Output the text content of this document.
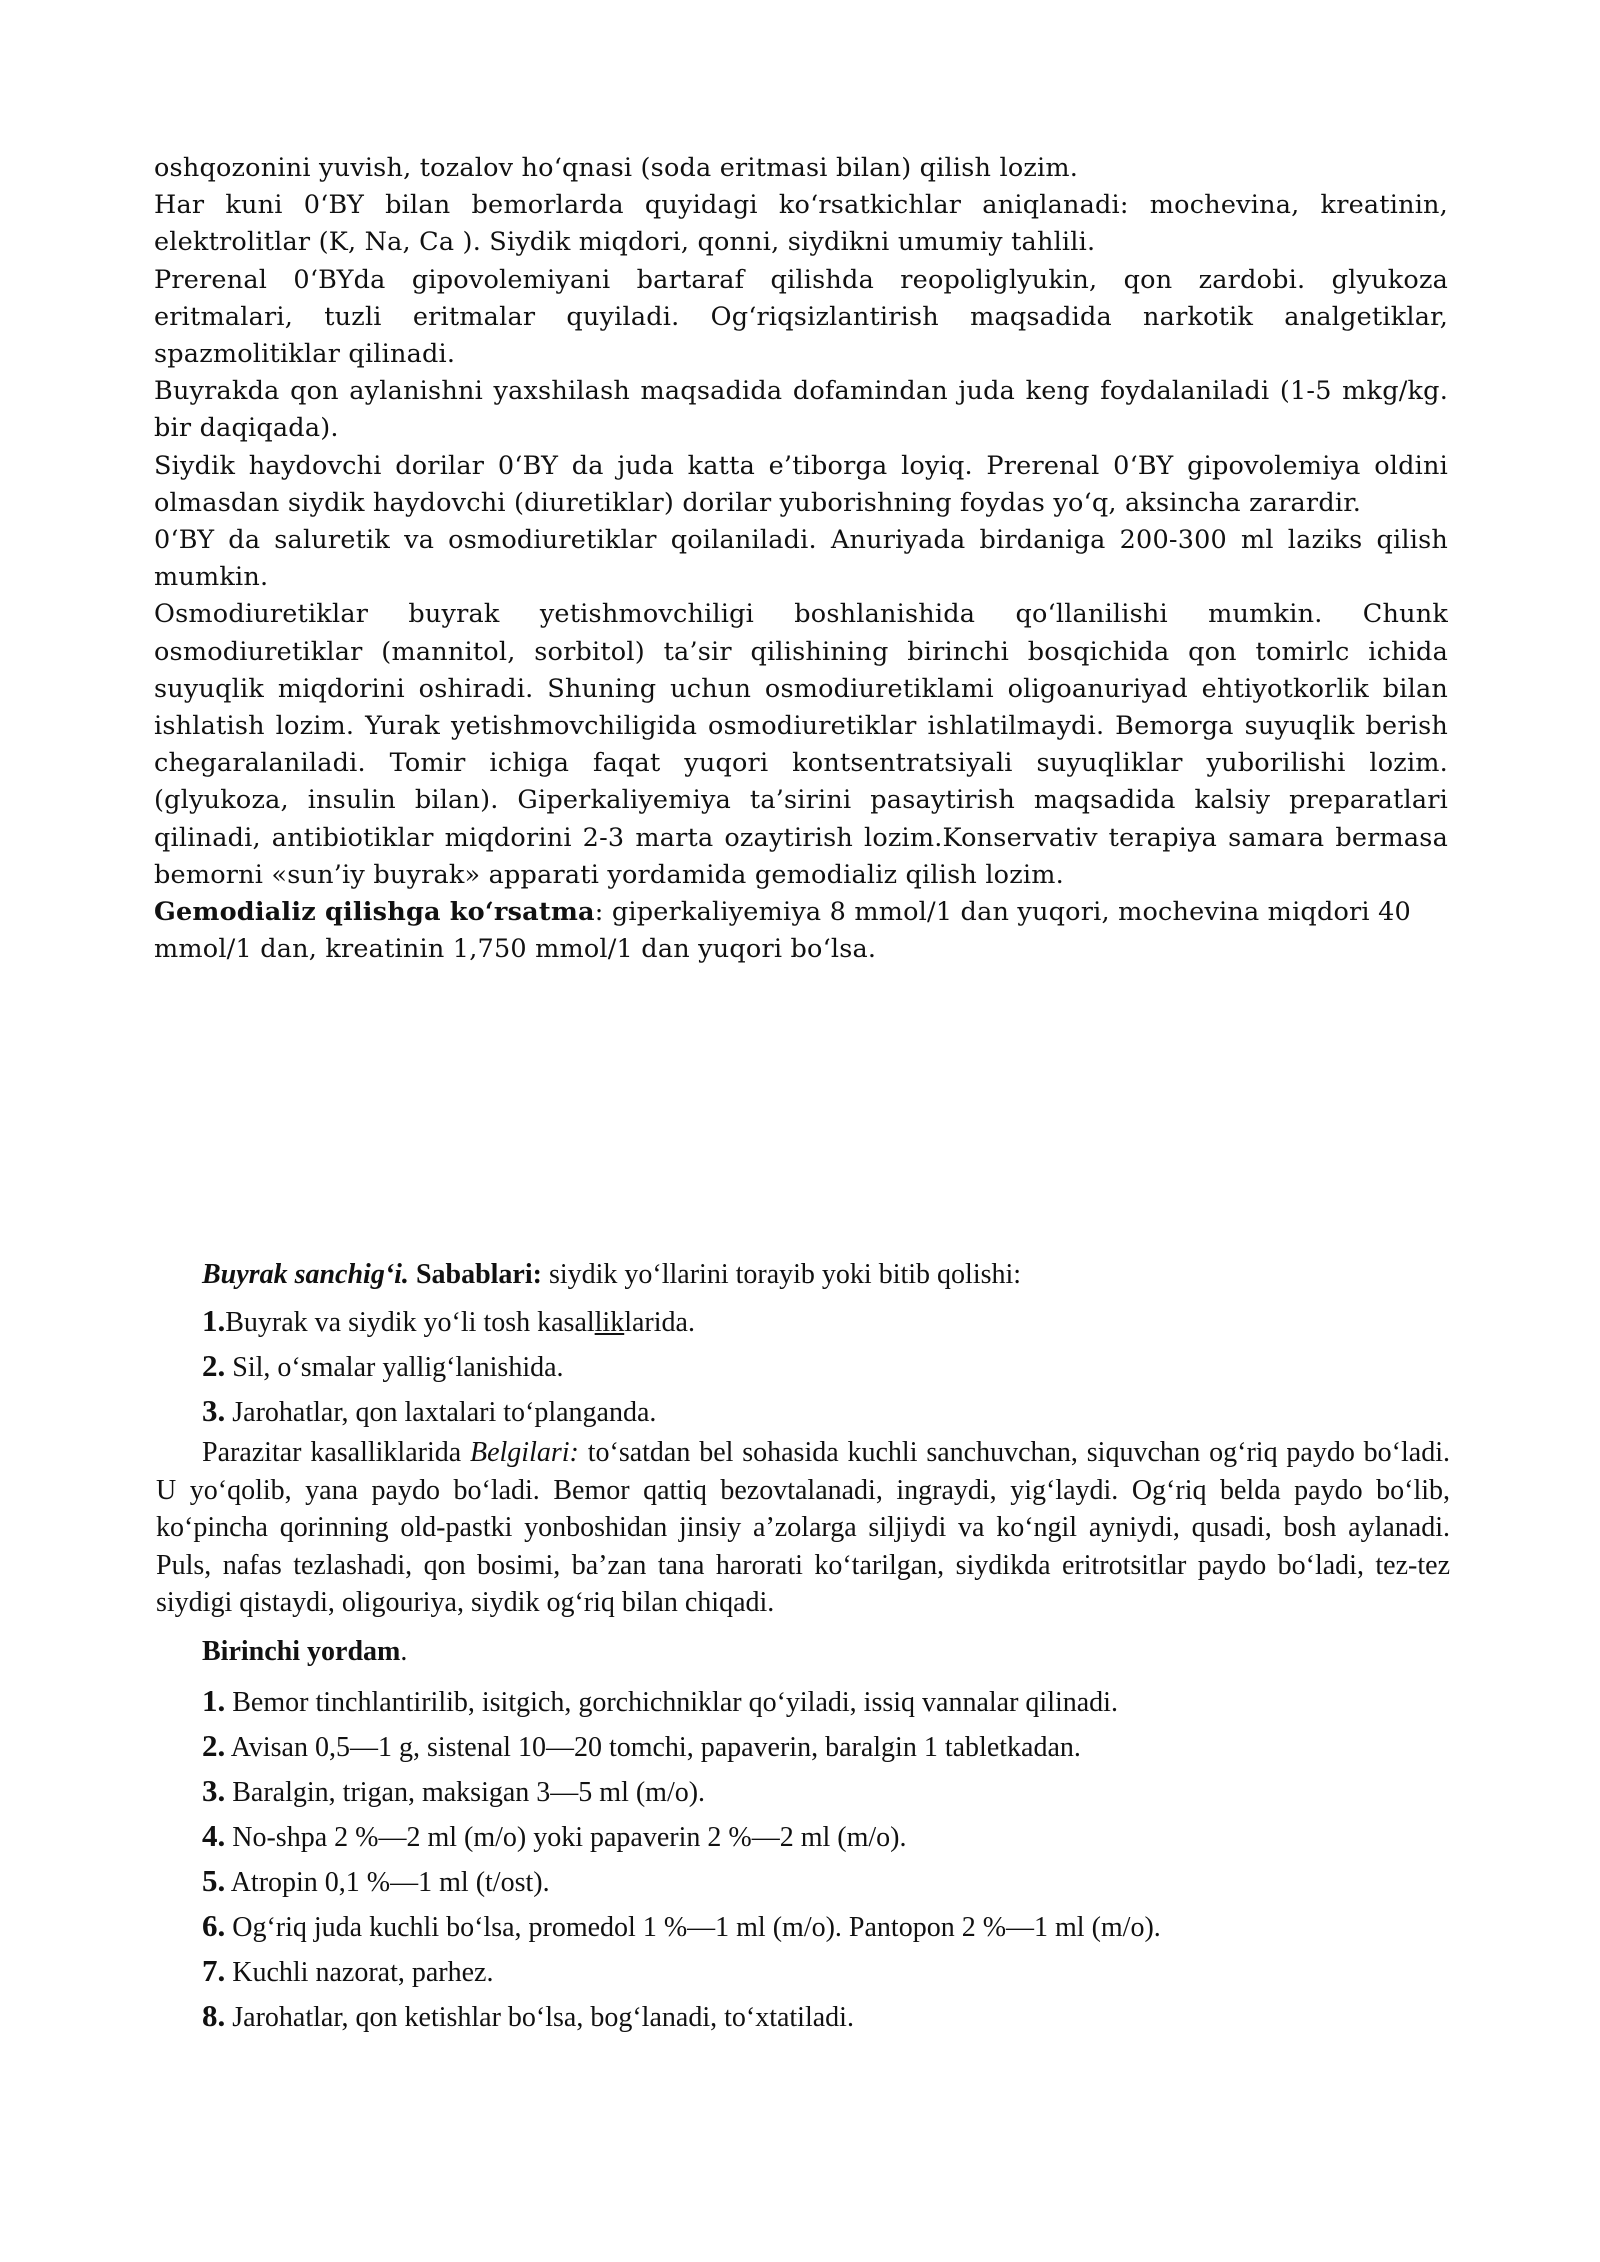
oshqozonini yuvish, tozalov ho‘qnasi (soda eritmasi bilan) qilish lozim.

Har kuni 0‘BY bilan bemorlarda quyidagi ko‘rsatkichlar aniqlanadi: mochevina, kreatinin, elektrolitlar (K, Na, Ca ). Siydik miqdori, qonni, siydikni umumiy tahlili.

Prerenal 0‘BYda gipovolemiyani bartaraf qilishda reopoliglyukin, qon zardobi. glyukoza eritmalari, tuzli eritmalar quyiladi. Og‘riqsizlantirish maqsadida narkotik analgetiklar, spazmolitiklar qilinadi.

Buyrakda qon aylanishni yaxshilash maqsadida dofamindan juda keng foydalaniladi (1-5 mkg/kg. bir daqiqada).

Siydik haydovchi dorilar 0‘BY da juda katta e’tiborga loyiq. Prerenal 0‘BY gipovolemiya oldini olmasdan siydik haydovchi (diuretiklar) dorilar yuborishning foydas yo‘q, aksincha zarardir.

0‘BY da saluretik va osmodiuretiklar qoilaniladi. Anuriyada birdaniga 200-300 ml laziks qilish mumkin.

Osmodiuretiklar buyrak yetishmovchiligi boshlanishida qo‘llanilishi mumkin. Chunk osmodiuretiklar (mannitol, sorbitol) ta’sir qilishining birinchi bosqichida qon tomirlc ichida suyuqlik miqdorini oshiradi. Shuning uchun osmodiuretiklami oligoanuriyad ehtiyotkorlik bilan ishlatish lozim. Yurak yetishmovchiligida osmodiuretiklar ishlatilmaydi. Bemorga suyuqlik berish chegaralaniladi. Tomir ichiga faqat yuqori kontsentratsiyali suyuqliklar yuborilishi lozim. (glyukoza, insulin bilan). Giperkaliyemiya ta’sirini pasaytirish maqsadida kalsiy preparatlari qilinadi, antibiotiklar miqdorini 2-3 marta ozaytirish lozim.Konservativ terapiya samara bermasa bemorni «sun’iy buyrak» apparati yordamida gemodializ qilish lozim.

Gemodializ qilishga ko‘rsatma: giperkaliyemiya 8 mmol/1 dan yuqori, mochevina miqdori 40 mmol/1 dan, kreatinin 1,750 mmol/1 dan yuqori bo‘lsa.

Buyrak sanchig‘i. Sabablari: siydik yo‘llarini torayib yoki bitib qolishi:

1.Buyrak va siydik yo‘li tosh kasalliklarida.

2. Sil, o‘smalar yallig‘lanishida.

3. Jarohatlar, qon laxtalari to‘planganda.

Parazitar kasalliklarida Belgilari: to‘satdan bel sohasida kuchli sanchuvchan, siquvchan og‘riq paydo bo‘ladi. U yo‘qolib, yana paydo bo‘ladi. Bemor qattiq bezovtalanadi, ingraydi, yig‘laydi. Og‘riq belda paydo bo‘lib, ko‘pincha qorinning old-pastki yonboshidan jinsiy a’zolarga siljiydi va ko‘ngil ayniydi, qusadi, bosh aylanadi. Puls, nafas tezlashadi, qon bosimi, ba’zan tana harorati ko‘tarilgan, siydikda eritrotsitlar paydo bo‘ladi, tez-tez siydigi qistaydi, oligouriya, siydik og‘riq bilan chiqadi.

Birinchi yordam.

1. Bemor tinchlantirilib, isitgich, gorchichniklar qo‘yiladi, issiq vannalar qilinadi.

2. Avisan 0,5—1 g, sistenal 10—20 tomchi, papaverin, baralgin 1 tabletkadan.

3. Baralgin, trigan, maksigan 3—5 ml (m/o).

4. No-shpa 2 %—2 ml (m/o) yoki papaverin 2 %—2 ml (m/o).

5. Atropin 0,1 %—1 ml (t/ost).

6. Og‘riq juda kuchli bo‘lsa, promedol 1 %—1 ml (m/o). Pantopon 2 %—1 ml (m/o).

7. Kuchli nazorat, parhez.

8. Jarohatlar, qon ketishlar bo‘lsa, bog‘lanadi, to‘xtatiladi.
